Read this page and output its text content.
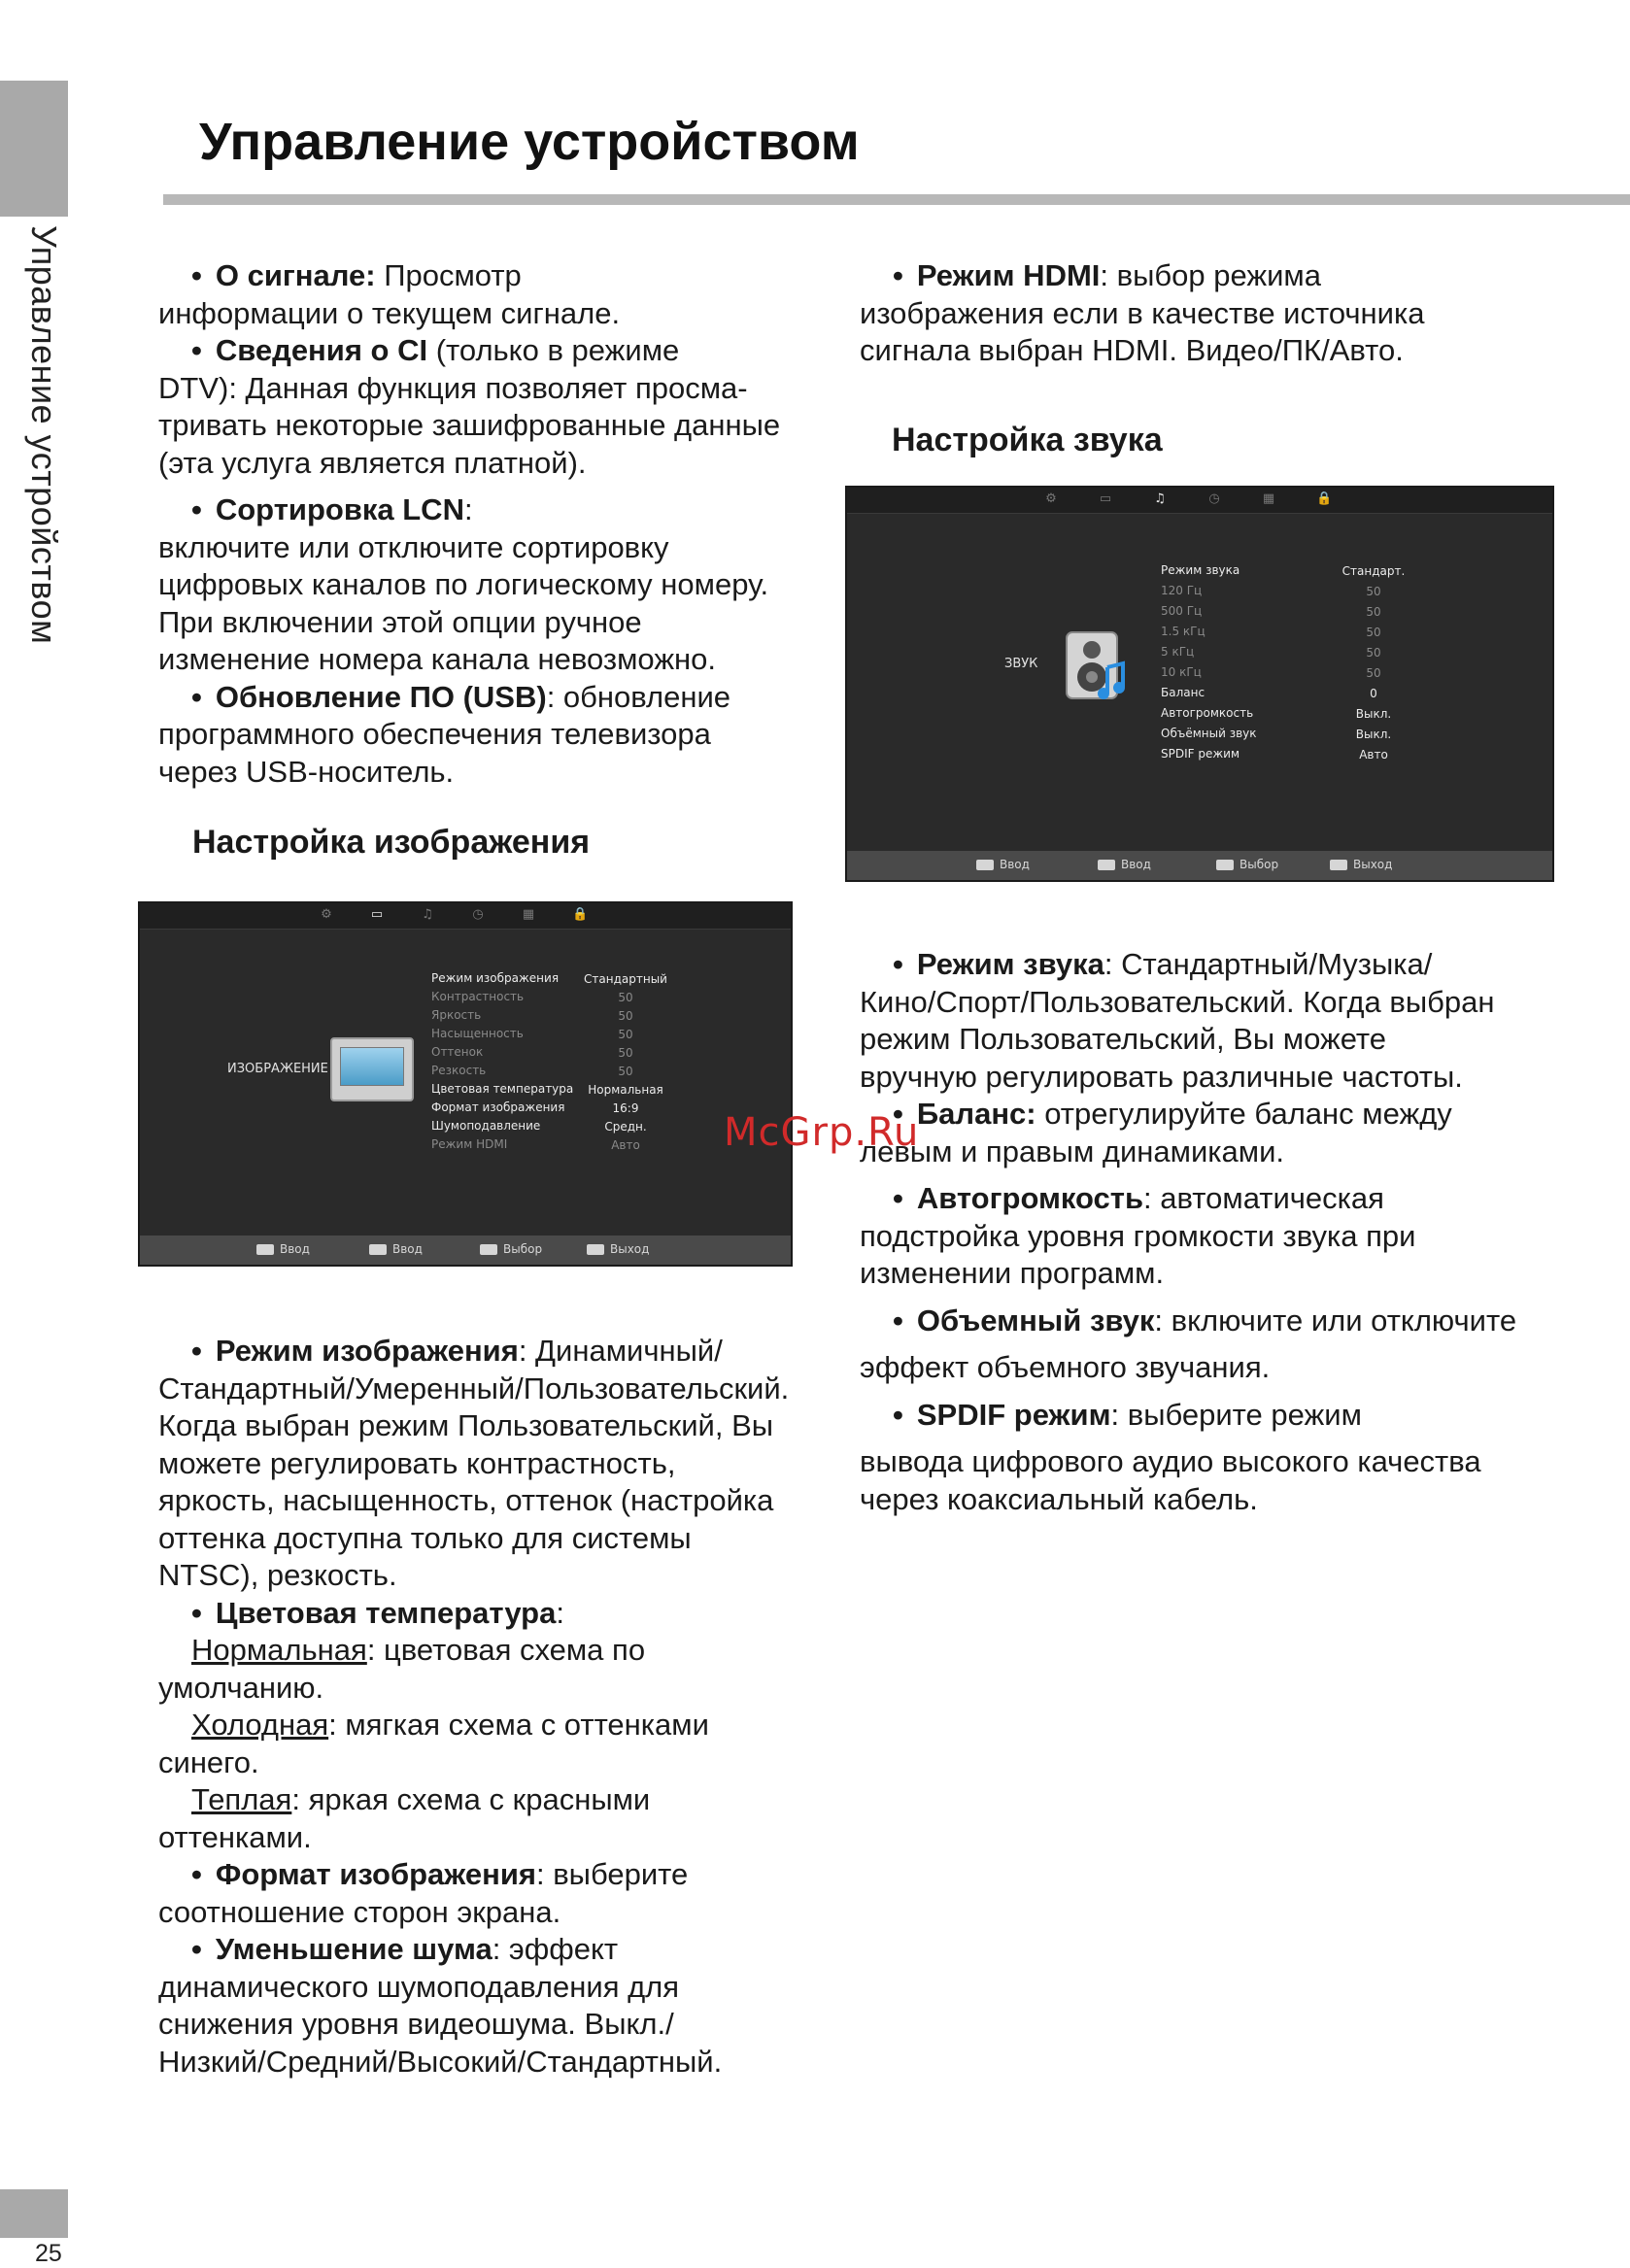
Управление устройством
25
Управление устройством

• О сигнале: Просмотр

информации о текущем сигнале.

• Сведения о CI (только в режиме

DTV): Данная функция позволяет просма-

тривать некоторые зашифрованные данные

(эта услуга является платной).

• Сортировка LCN:

включите или отключите сортировку

цифровых каналов по логическому номеру.

При включении этой опции ручное

изменение номера канала невозможно.

• Обновление ПО (USB): обновление

программного обеспечения телевизора

через USB-носитель.

Настройка изображения
⚙	▭	♫	◷	▦	🔒
ИЗОБРАЖЕНИЕ
Режим изображения Стандартный
Контрастность	50
Яркость	50
Насыщенность	50
Оттенок	50
Резкость	50
Цветовая температура	Нормальная
Формат изображения	16:9
Шумоподавление	Средн.
Режим HDMI	Авто
Ввод	Ввод	Выбор	Выход

• Режим изображения: Динамичный/

Стандартный/Умеренный/Пользовательский.

Когда выбран режим Пользовательский, Вы

можете регулировать контрастность,

яркость, насыщенность, оттенок (настройка

оттенка доступна только для системы

NTSC), резкость.

• Цветовая температура:

Нормальная: цветовая схема по

умолчанию.

Холодная: мягкая схема с оттенками

синего.

Теплая: яркая схема с красными

оттенками.

• Формат изображения: выберите

соотношение сторон экрана.

• Уменьшение шума: эффект

динамического шумоподавления для

снижения уровня видеошума. Выкл./

Низкий/Средний/Высокий/Стандартный.

• Режим HDMI: выбор режима

изображения если в качестве источника

сигнала выбран HDMI. Видео/ПК/Авто.

Настройка звука
⚙	▭	♫	◷	▦	🔒
ЗВУК
Режим звука	Стандарт.
120 Гц	50
500 Гц	50
1.5 кГц	50
5 кГц	50
10 кГц	50
Баланс	0
Автогромкость	Выкл.
Объёмный звук	Выкл.
SPDIF режим	Авто
Ввод	Ввод	Выбор	Выход

• Режим звука: Стандартный/Музыка/

Кино/Спорт/Пользовательский. Когда выбран

режим Пользовательский, Вы можете

вручную регулировать различные частоты.

• Баланс: отрегулируйте баланс между

левым и правым динамиками.

• Автогромкость: автоматическая

подстройка уровня громкости звука при

изменении программ.

• Объемный звук: включите или отключите

эффект объемного звучания.

• SPDIF режим: выберите режим

вывода цифрового аудио высокого качества

через коаксиальный кабель.

McGrp.Ru
